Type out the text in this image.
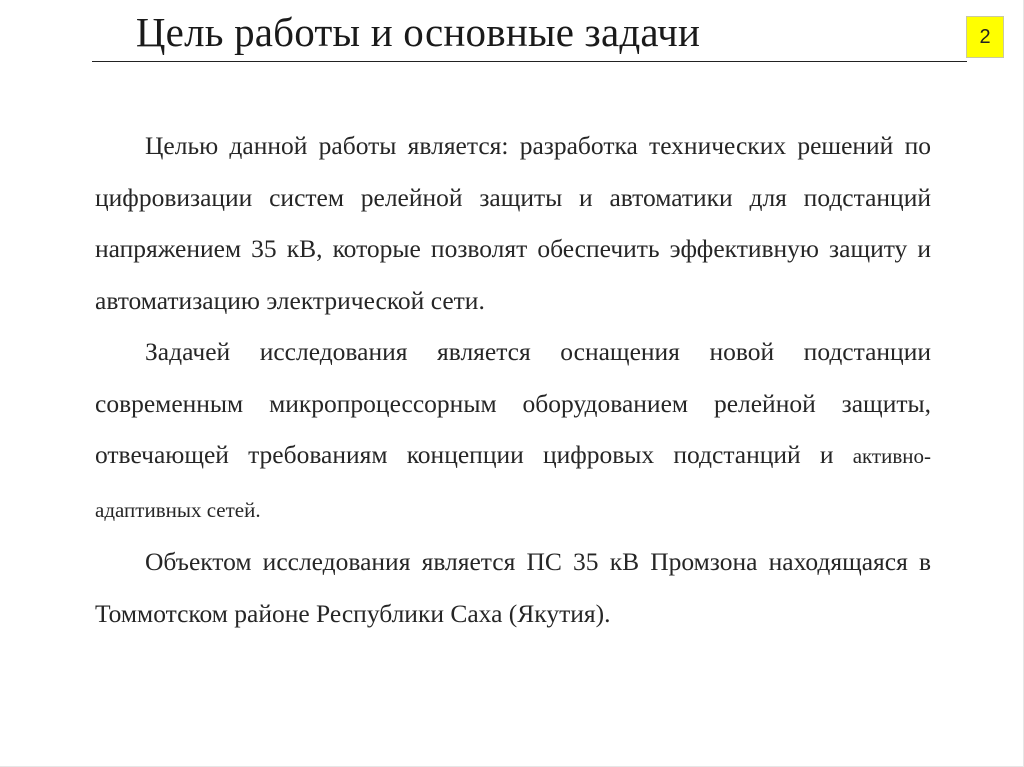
Цель работы и основные задачи	2

Целью данной работы является: разработка технических решений по цифровизации систем релейной защиты и автоматики для подстанций напряжением 35 кВ, которые позволят обеспечить эффективную защиту и автоматизацию электрической сети.

Задачей исследования является оснащения новой подстанции современным микропроцессорным оборудованием релейной защиты, отвечающей требованиям концепции цифровых подстанций и активно-адаптивных сетей.

Объектом исследования является ПС 35 кВ Промзона находящаяся в Томмотском районе Республики Саха (Якутия).
